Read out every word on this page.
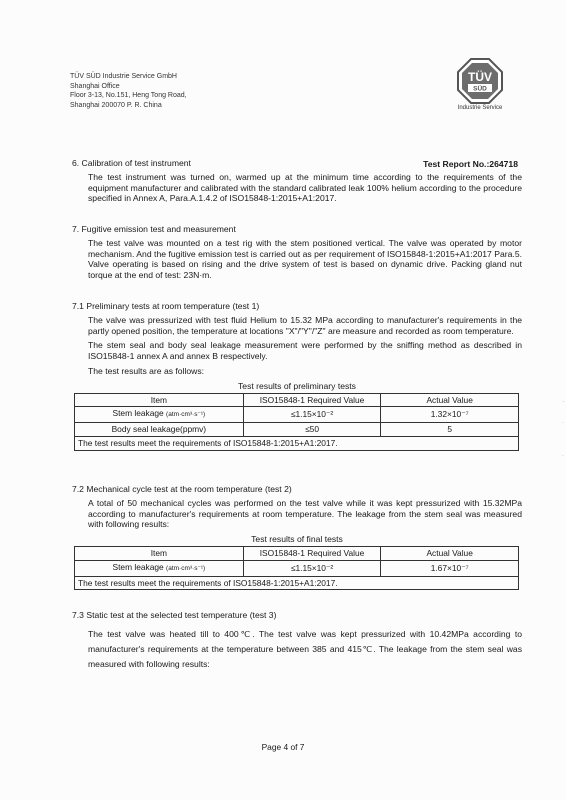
TÜV SÜD Industrie Service GmbH
Shanghai Office
Floor 3-13, No.151, Heng Tong Road,
Shanghai 200070 P. R. China
TÜV
SÜD
Industrie Service
Test Report No.:264718

6. Calibration of test instrument

The test instrument was turned on, warmed up at the minimum time according to the requirements of the equipment manufacturer and calibrated with the standard calibrated leak 100% helium according to the procedure specified in Annex A, Para.A.1.4.2 of ISO15848-1:2015+A1:2017.

7. Fugitive emission test and measurement

The test valve was mounted on a test rig with the stem positioned vertical. The valve was operated by motor mechanism. And the fugitive emission test is carried out as per requirement of ISO15848-1:2015+A1:2017 Para.5. Valve operating is based on rising and the drive system of test is based on dynamic drive. Packing gland nut torque at the end of test: 23N·m.

7.1 Preliminary tests at room temperature (test 1)

The valve was pressurized with test fluid Helium to 15.32 MPa according to manufacturer's requirements in the partly opened position, the temperature at locations "X"/"Y"/"Z" are measure and recorded as room temperature.

The stem seal and body seal leakage measurement were performed by the sniffing method as described in ISO15848-1 annex A and annex B respectively.

The test results are as follows:

Test results of preliminary tests

Item	ISO15848-1 Required Value	Actual Value
Stem leakage (atm·cm³·s⁻¹)	≤1.15×10⁻²	1.32×10⁻⁷
Body seal leakage(ppmv)	≤50	5
The test results meet the requirements of ISO15848-1:2015+A1:2017.		

7.2 Mechanical cycle test at the room temperature (test 2)

A total of 50 mechanical cycles was performed on the test valve while it was kept pressurized with 15.32MPa according to manufacturer's requirements at room temperature. The leakage from the stem seal was measured with following results:

Test results of final tests

Item	ISO15848-1 Required Value	Actual Value
Stem leakage (atm·cm³·s⁻¹)	≤1.15×10⁻²	1.67×10⁻⁷
The test results meet the requirements of ISO15848-1:2015+A1:2017.		

7.3 Static test at the selected test temperature (test 3)

The test valve was heated till to 400℃. The test valve was kept pressurized with 10.42MPa according to manufacturer's requirements at the temperature between 385 and 415℃. The leakage from the stem seal was measured with following results:

Page 4 of 7
.
·
·
